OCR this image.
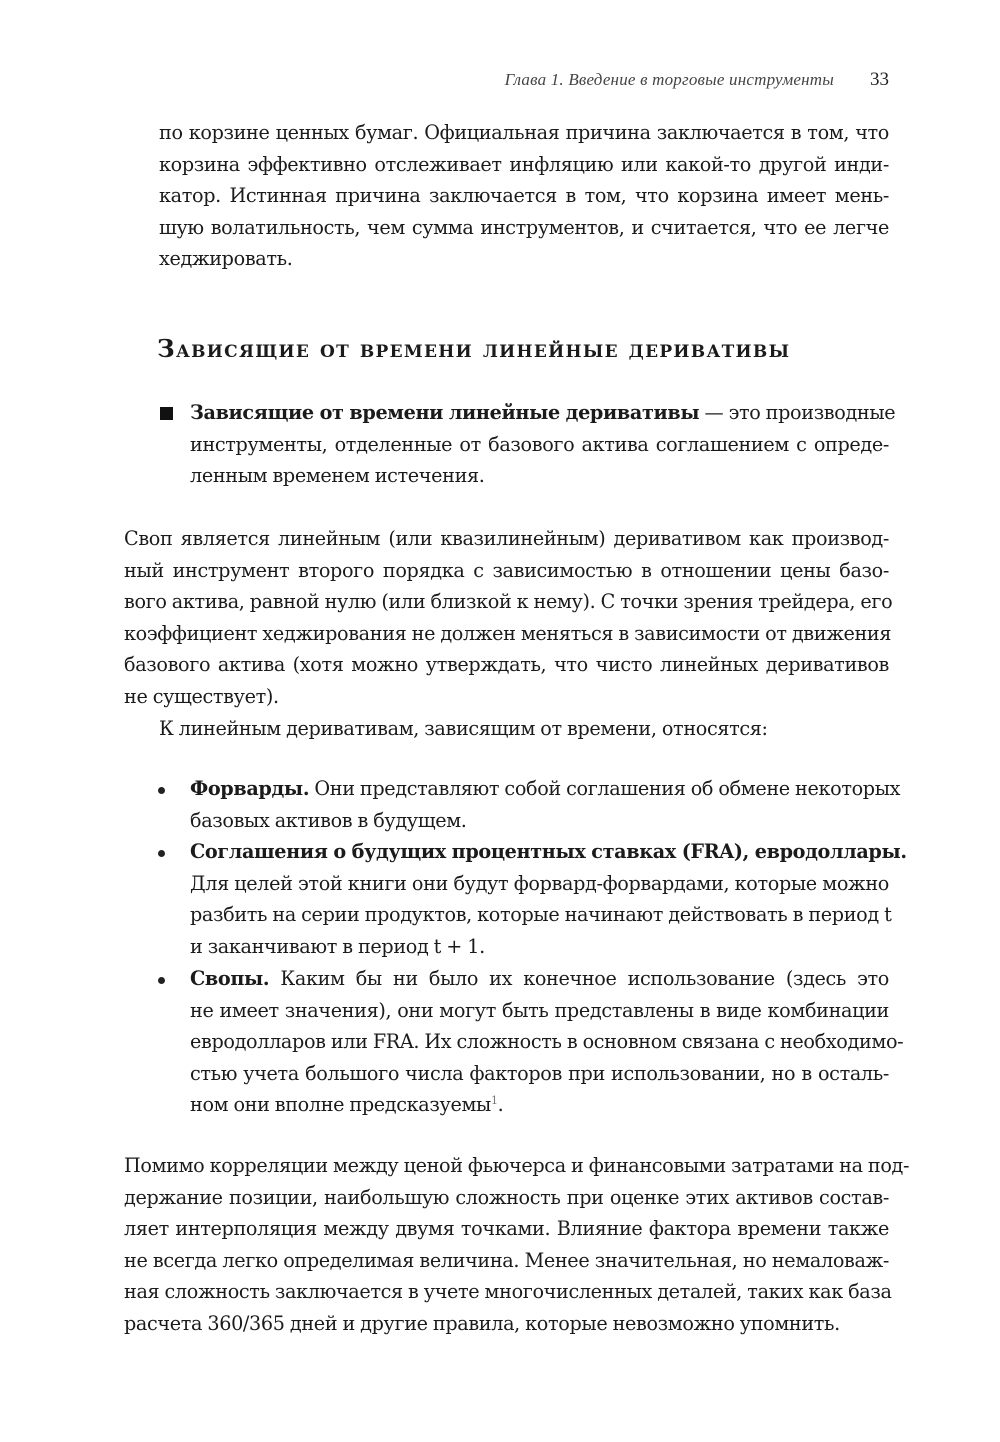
Глава 1. Введение в торговые инструменты 33
по корзине ценных бумаг. Официальная причина заключается в том, что
корзина эффективно отслеживает инфляцию или какой-то другой инди-
катор. Истинная причина заключается в том, что корзина имеет мень-
шую волатильность, чем сумма инструментов, и считается, что ее легче
хеджировать.
Зависящие от времени линейные деривативы
Зависящие от времени линейные деривативы — это производные
инструменты, отделенные от базового актива соглашением с опреде-
ленным временем истечения.
Своп является линейным (или квазилинейным) деривативом как производ-
ный инструмент второго порядка с зависимостью в отношении цены базо-
вого актива, равной нулю (или близкой к нему). С точки зрения трейдера, его
коэффициент хеджирования не должен меняться в зависимости от движения
базового актива (хотя можно утверждать, что чисто линейных деривативов
не существует).
К линейным деривативам, зависящим от времени, относятся:
Форварды. Они представляют собой соглашения об обмене некоторых
базовых активов в будущем.
Соглашения о будущих процентных ставках (FRA), евродоллары.
Для целей этой книги они будут форвард-форвардами, которые можно
разбить на серии продуктов, которые начинают действовать в период t
и заканчивают в период t + 1.
Свопы. Каким бы ни было их конечное использование (здесь это
не имеет значения), они могут быть представлены в виде комбинации
евродолларов или FRA. Их сложность в основном связана с необходимо-
стью учета большого числа факторов при использовании, но в осталь-
ном они вполне предсказуемы$^1$.
Помимо корреляции между ценой фьючерса и финансовыми затратами на под-
держание позиции, наибольшую сложность при оценке этих активов состав-
ляет интерполяция между двумя точками. Влияние фактора времени также
не всегда легко определимая величина. Менее значительная, но немаловаж-
ная сложность заключается в учете многочисленных деталей, таких как база
расчета 360/365 дней и другие правила, которые невозможно упомнить.
